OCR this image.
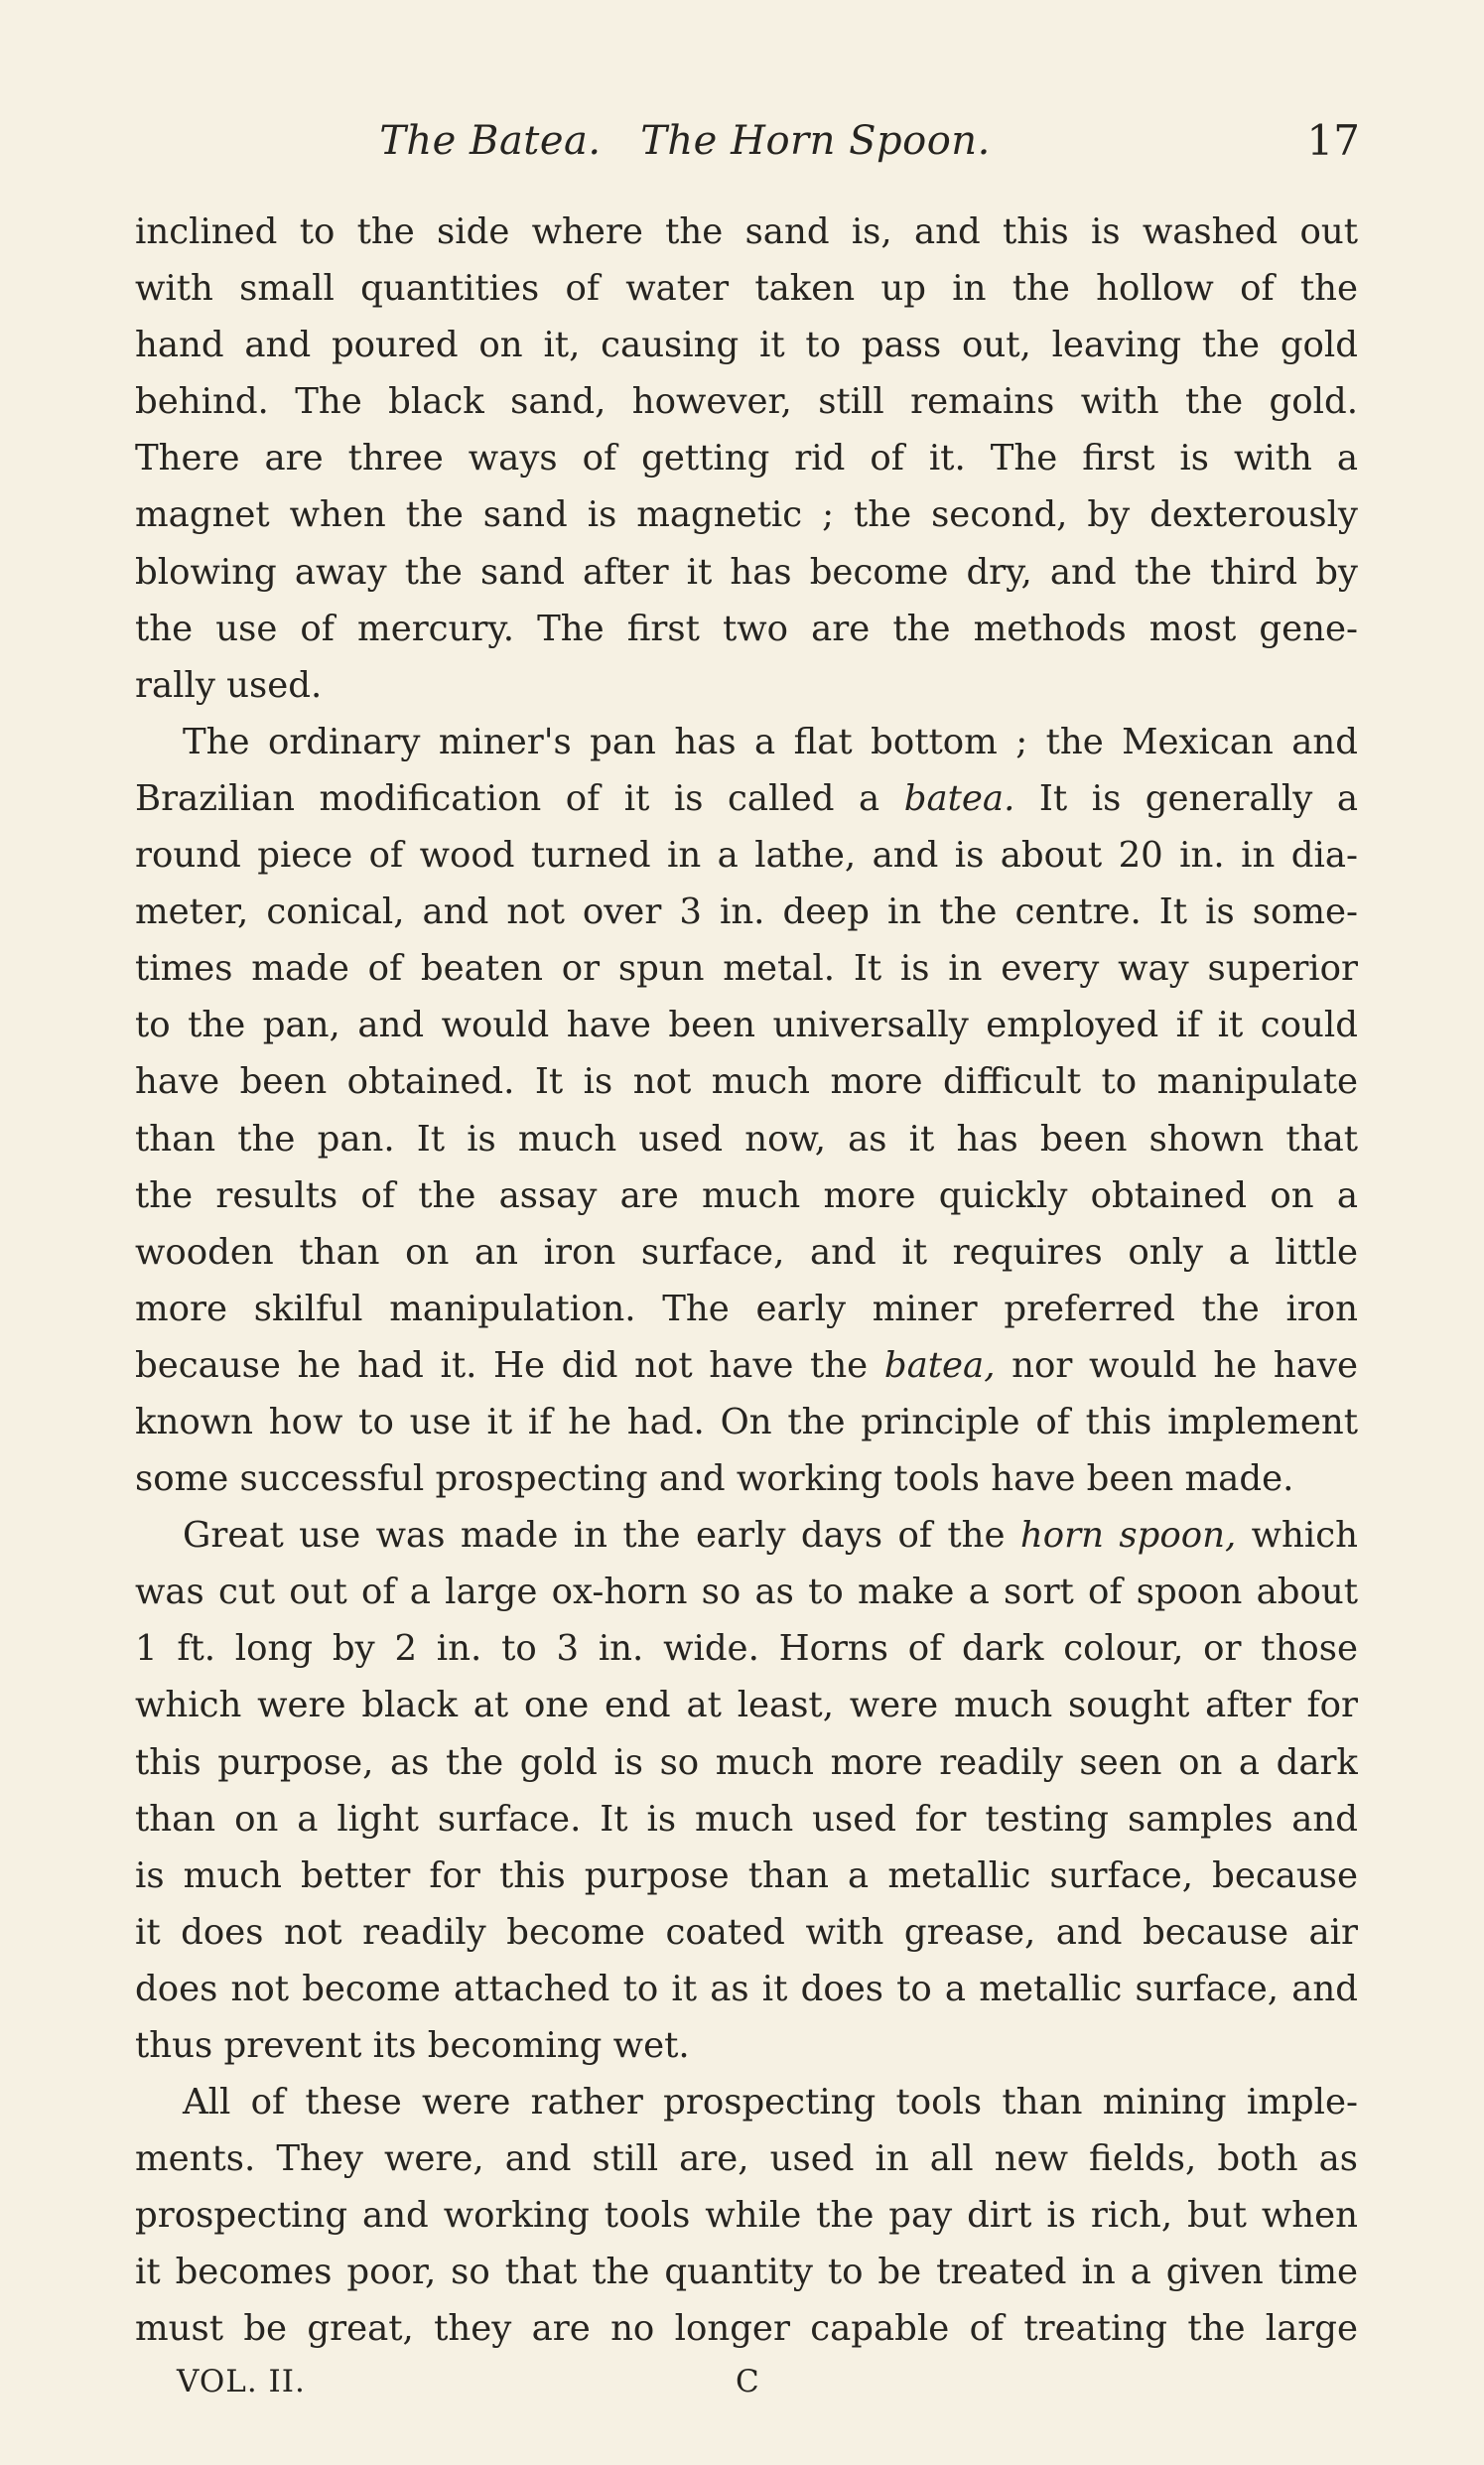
The Batea.   The Horn Spoon.	17
inclined to the side where the sand is, and this is washed out
with small quantities of water taken up in the hollow of the
hand and poured on it, causing it to pass out, leaving the gold
behind. The black sand, however, still remains with the gold.
There are three ways of getting rid of it. The first is with a
magnet when the sand is magnetic ; the second, by dexterously
blowing away the sand after it has become dry, and the third by
the use of mercury. The first two are the methods most gene-
rally used.
The ordinary miner's pan has a flat bottom ; the Mexican and
Brazilian modification of it is called a batea. It is generally a
round piece of wood turned in a lathe, and is about 20 in. in dia-
meter, conical, and not over 3 in. deep in the centre. It is some-
times made of beaten or spun metal. It is in every way superior
to the pan, and would have been universally employed if it could
have been obtained. It is not much more difficult to manipulate
than the pan. It is much used now, as it has been shown that
the results of the assay are much more quickly obtained on a
wooden than on an iron surface, and it requires only a little
more skilful manipulation. The early miner preferred the iron
because he had it. He did not have the batea, nor would he have
known how to use it if he had. On the principle of this implement
some successful prospecting and working tools have been made.
Great use was made in the early days of the horn spoon, which
was cut out of a large ox-horn so as to make a sort of spoon about
1 ft. long by 2 in. to 3 in. wide. Horns of dark colour, or those
which were black at one end at least, were much sought after for
this purpose, as the gold is so much more readily seen on a dark
than on a light surface. It is much used for testing samples and
is much better for this purpose than a metallic surface, because
it does not readily become coated with grease, and because air
does not become attached to it as it does to a metallic surface, and
thus prevent its becoming wet.
All of these were rather prospecting tools than mining imple-
ments. They were, and still are, used in all new fields, both as
prospecting and working tools while the pay dirt is rich, but when
it becomes poor, so that the quantity to be treated in a given time
must be great, they are no longer capable of treating the large
VOL. II.	C
